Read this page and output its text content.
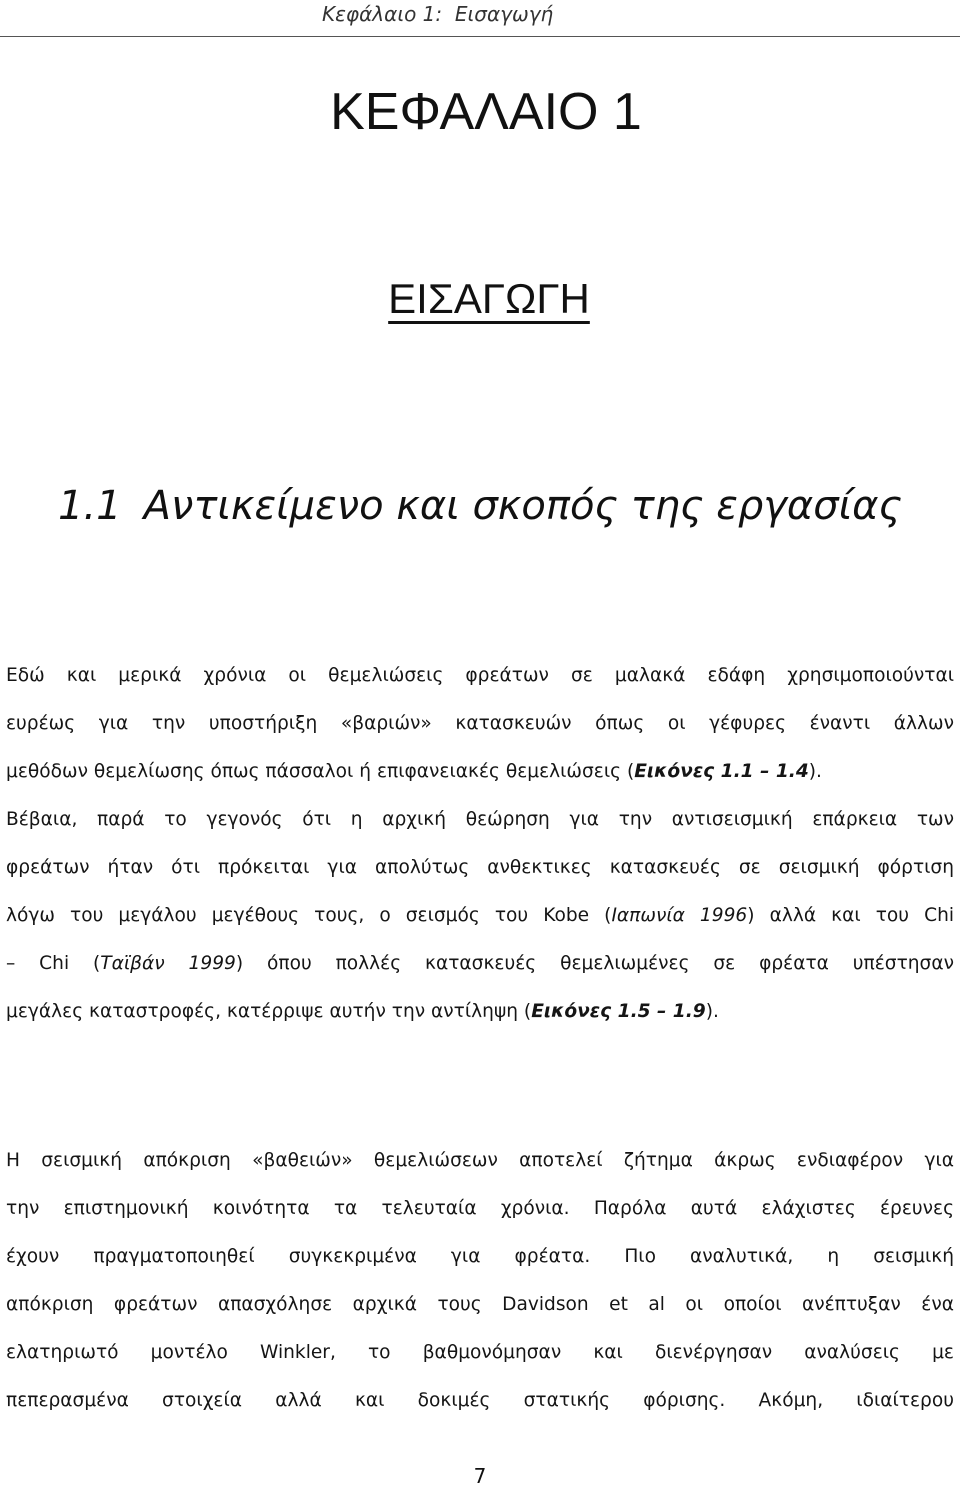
Κεφάλαιο 1:  Εισαγωγή
ΚΕΦΑΛΑΙΟ 1
ΕΙΣΑΓΩΓΗ
1.1 Αντικείμενο και σκοπός της εργασίας
Εδώ και μερικά χρόνια οι θεμελιώσεις φρεάτων σε μαλακά εδάφη χρησιμοποιούνται
ευρέως για την υποστήριξη «βαριών» κατασκευών όπως οι γέφυρες έναντι άλλων
μεθόδων θεμελίωσης όπως πάσσαλοι ή επιφανειακές θεμελιώσεις (Εικόνες 1.1 – 1.4).
Βέβαια, παρά το γεγονός ότι η αρχική θεώρηση για την αντισεισμική επάρκεια των
φρεάτων ήταν ότι πρόκειται για απολύτως ανθεκτικες κατασκευές σε σεισμική φόρτιση
λόγω του μεγάλου μεγέθους τους, ο σεισμός του Kobe (Ιαπωνία 1996) αλλά και του Chi
– Chi (Ταϊβάν 1999) όπου πολλές κατασκευές θεμελιωμένες σε φρέατα υπέστησαν
μεγάλες καταστροφές, κατέρριψε αυτήν την αντίληψη (Εικόνες 1.5 – 1.9).
Η σεισμική απόκριση «βαθειών» θεμελιώσεων αποτελεί ζήτημα άκρως ενδιαφέρον για
την επιστημονική κοινότητα τα τελευταία χρόνια. Παρόλα αυτά ελάχιστες έρευνες
έχουν πραγματοποιηθεί συγκεκριμένα για φρέατα. Πιο αναλυτικά, η σεισμική
απόκριση φρεάτων απασχόλησε αρχικά τους Davidson et al οι οποίοι ανέπτυξαν ένα
ελατηριωτό μοντέλο Winkler, το βαθμονόμησαν και διενέργησαν αναλύσεις με
πεπερασμένα στοιχεία αλλά και δοκιμές στατικής φόρισης. Ακόμη, ιδιαίτερου
7
